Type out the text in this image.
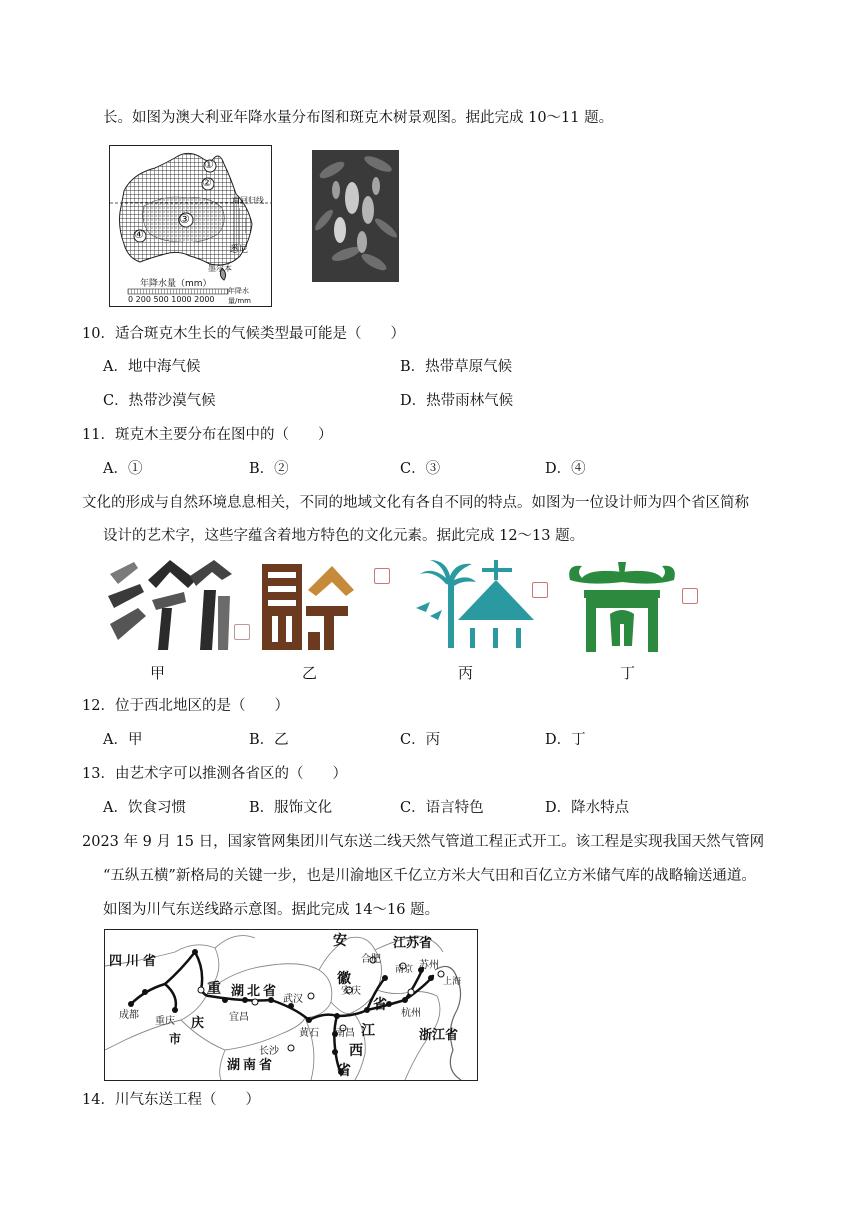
长。如图为澳大利亚年降水量分布图和斑克木树景观图。据此完成 10～11 题。
①
②
③
④
南回归线
悉尼
墨尔本
年降水量（mm）
0 200 500 1000 2000
年降水量/mm
10．适合斑克木生长的气候类型最可能是（　　）
A．地中海气候	B．热带草原气候
C．热带沙漠气候	D．热带雨林气候
11．斑克木主要分布在图中的（　　）
A．①	B．②	C．③	D．④
文化的形成与自然环境息息相关，不同的地域文化有各自不同的特点。如图为一位设计师为四个省区简称
设计的艺术字，这些字蕴含着地方特色的文化元素。据此完成 12～13 题。
甲	乙	丙	丁
12．位于西北地区的是（　　）
A．甲	B．乙	C．丙	D．丁
13．由艺术字可以推测各省区的（　　）
A．饮食习惯	B．服饰文化	C．语言特色	D．降水特点
2023 年 9 月 15 日，国家管网集团川气东送二线天然气管道工程正式开工。该工程是实现我国天然气管网
“五纵五横”新格局的关键一步，也是川渝地区千亿立方米大气田和百亿立方米储气库的战略输送通道。
如图为川气东送线路示意图。据此完成 14～16 题。
四川省
成都
重庆
市
重
庆
湖北省
武汉
宜昌
黄石
湖南省
长沙
安
徽
省
合肥
安庆
江苏省
南京 苏州
上海
杭州
浙江省
南昌 江
西
省
14．川气东送工程（　　）
